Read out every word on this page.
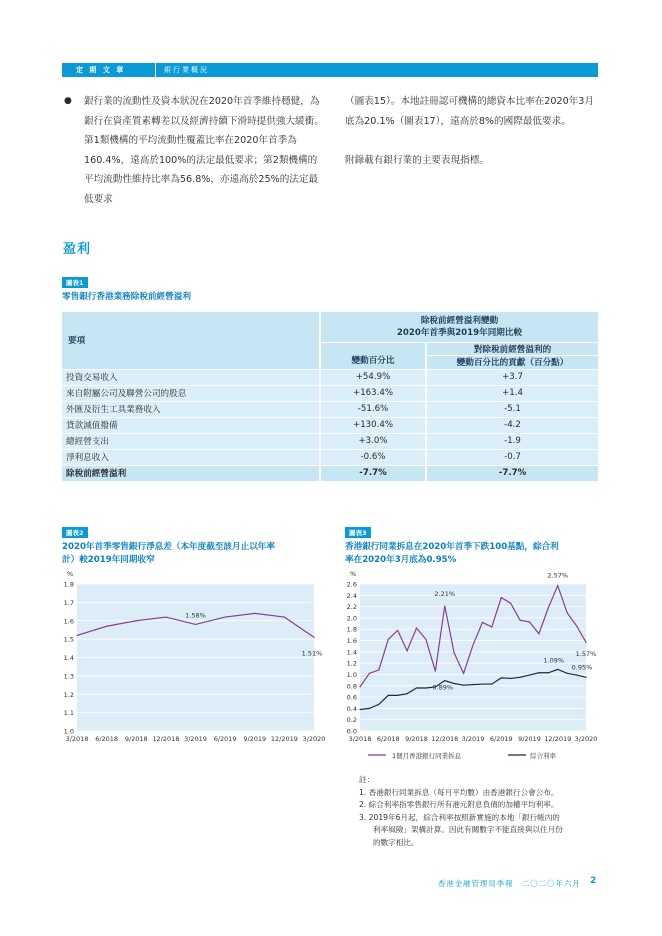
定 期 文 章	銀行業概況
● 銀行業的流動性及資本狀況在2020年首季維持穩健，為銀行在資產質素轉差以及經濟持續下滑時提供強大緩衝。第1類機構的平均流動性覆蓋比率在2020年首季為160.4%，遠高於100%的法定最低要求；第2類機構的平均流動性維持比率為56.8%，亦遠高於25%的法定最低要求
（圖表15）。本地註冊認可機構的總資本比率在2020年3月底為20.1%（圖表17），遠高於8%的國際最低要求。
附錄載有銀行業的主要表現指標。
盈利
圖表1
零售銀行香港業務除稅前經營溢利
要項	除稅前經營溢利變動
2020年首季與2019年同期比較	
	變動百分比	對除稅前經營溢利的
		變動百分比的貢獻（百分點）
投資交易收入	+54.9%	+3.7
來自附屬公司及聯營公司的股息	+163.4%	+1.4
外匯及衍生工具業務收入	-51.6%	-5.1
貸款減值撥備	+130.4%	-4.2
總經營支出	+3.0%	-1.9
淨利息收入	-0.6%	-0.7
除稅前經營溢利	-7.7%	-7.7%
圖表2
2020年首季零售銀行淨息差（本年度截至該月止以年率
計）較2019年同期收窄
圖表3
香港銀行同業拆息在2020年首季下跌100基點，綜合利
率在2020年3月底為0.95%
%
1.0
1.1
1.2
1.3
1.4
1.5
1.6
1.7
1.8
3/2018 6/2018 9/2018 12/2018 3/2019 6/2019 9/2019 12/2019 3/2020
1.58%
1.51%
%
0.0
0.2
0.4
0.6
0.8
1.0
1.2
1.4
1.6
1.8
2.0
2.2
2.4
2.6
3/2018 6/2018 9/2018 12/2018 3/2019 6/2019 9/2019 12/2019 3/2020
2.21%
0.89%
2.57%
1.09%
1.57%
0.95%
1個月香港銀行同業拆息	綜合利率
註：
1. 香港銀行同業拆息（每月平均數）由香港銀行公會公布。
2. 綜合利率指零售銀行所有港元附息負債的加權平均利率。
3. 2019年6月起，綜合利率按照新實施的本地「銀行帳內的
利率風險」架構計算。因此有關數字不能直接與以往月份
的數字相比。
香港金融管理局季報　二〇二〇年六月 2
